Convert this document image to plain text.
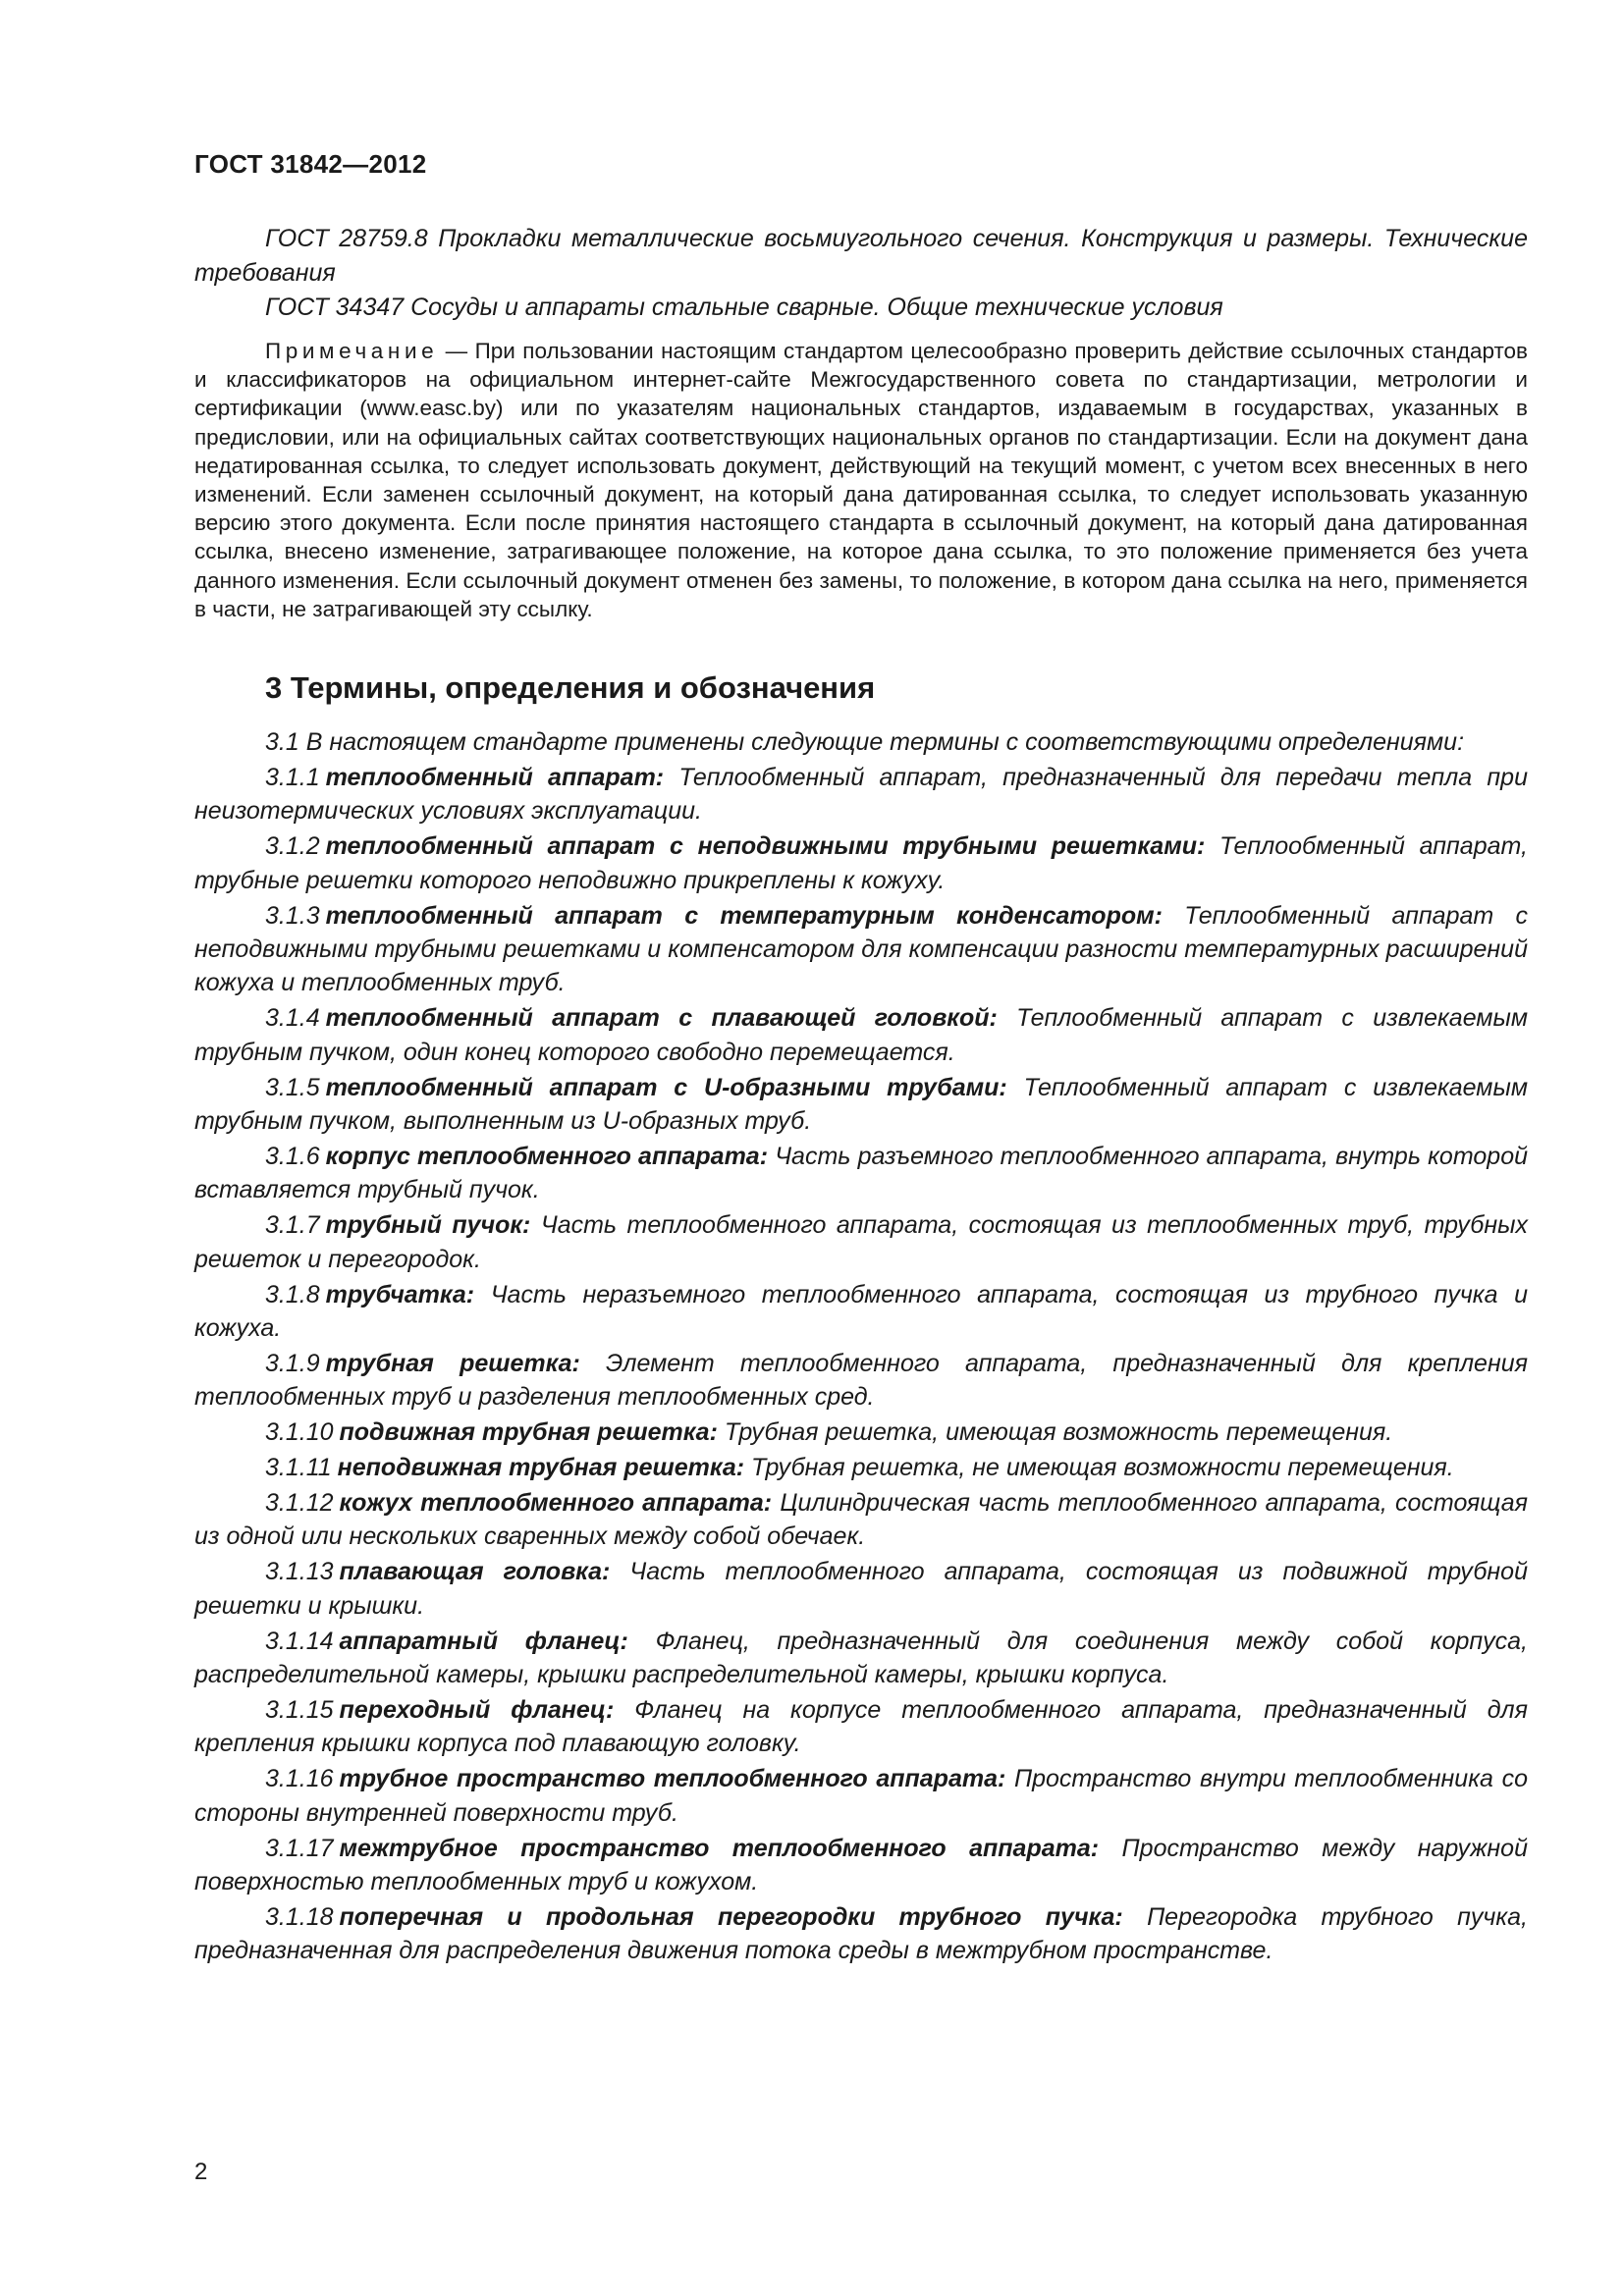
ГОСТ 31842—2012

ГОСТ 28759.8 Прокладки металлические восьмиугольного сечения. Конструкция и размеры. Технические требования

ГОСТ 34347 Сосуды и аппараты стальные сварные. Общие технические условия

Примечание — При пользовании настоящим стандартом целесообразно проверить действие ссылочных стандартов и классификаторов на официальном интернет-сайте Межгосударственного совета по стандартизации, метрологии и сертификации (www.easc.by) или по указателям национальных стандартов, издаваемым в государствах, указанных в предисловии, или на официальных сайтах соответствующих национальных органов по стандартизации. Если на документ дана недатированная ссылка, то следует использовать документ, действующий на текущий момент, с учетом всех внесенных в него изменений. Если заменен ссылочный документ, на который дана датированная ссылка, то следует использовать указанную версию этого документа. Если после принятия настоящего стандарта в ссылочный документ, на который дана датированная ссылка, внесено изменение, затрагивающее положение, на которое дана ссылка, то это положение применяется без учета данного изменения. Если ссылочный документ отменен без замены, то положение, в котором дана ссылка на него, применяется в части, не затрагивающей эту ссылку.

3 Термины, определения и обозначения

3.1 В настоящем стандарте применены следующие термины с соответствующими определениями:

3.1.1 теплообменный аппарат: Теплообменный аппарат, предназначенный для передачи тепла при неизотермических условиях эксплуатации.

3.1.2 теплообменный аппарат с неподвижными трубными решетками: Теплообменный аппарат, трубные решетки которого неподвижно прикреплены к кожуху.

3.1.3 теплообменный аппарат с температурным конденсатором: Теплообменный аппарат с неподвижными трубными решетками и компенсатором для компенсации разности температурных расширений кожуха и теплообменных труб.

3.1.4 теплообменный аппарат с плавающей головкой: Теплообменный аппарат с извлекаемым трубным пучком, один конец которого свободно перемещается.

3.1.5 теплообменный аппарат с U-образными трубами: Теплообменный аппарат с извлекаемым трубным пучком, выполненным из U-образных труб.

3.1.6 корпус теплообменного аппарата: Часть разъемного теплообменного аппарата, внутрь которой вставляется трубный пучок.

3.1.7 трубный пучок: Часть теплообменного аппарата, состоящая из теплообменных труб, трубных решеток и перегородок.

3.1.8 трубчатка: Часть неразъемного теплообменного аппарата, состоящая из трубного пучка и кожуха.

3.1.9 трубная решетка: Элемент теплообменного аппарата, предназначенный для крепления теплообменных труб и разделения теплообменных сред.

3.1.10 подвижная трубная решетка: Трубная решетка, имеющая возможность перемещения.

3.1.11 неподвижная трубная решетка: Трубная решетка, не имеющая возможности перемещения.

3.1.12 кожух теплообменного аппарата: Цилиндрическая часть теплообменного аппарата, состоящая из одной или нескольких сваренных между собой обечаек.

3.1.13 плавающая головка: Часть теплообменного аппарата, состоящая из подвижной трубной решетки и крышки.

3.1.14 аппаратный фланец: Фланец, предназначенный для соединения между собой корпуса, распределительной камеры, крышки распределительной камеры, крышки корпуса.

3.1.15 переходный фланец: Фланец на корпусе теплообменного аппарата, предназначенный для крепления крышки корпуса под плавающую головку.

3.1.16 трубное пространство теплообменного аппарата: Пространство внутри теплообменника со стороны внутренней поверхности труб.

3.1.17 межтрубное пространство теплообменного аппарата: Пространство между наружной поверхностью теплообменных труб и кожухом.

3.1.18 поперечная и продольная перегородки трубного пучка: Перегородка трубного пучка, предназначенная для распределения движения потока среды в межтрубном пространстве.

2
